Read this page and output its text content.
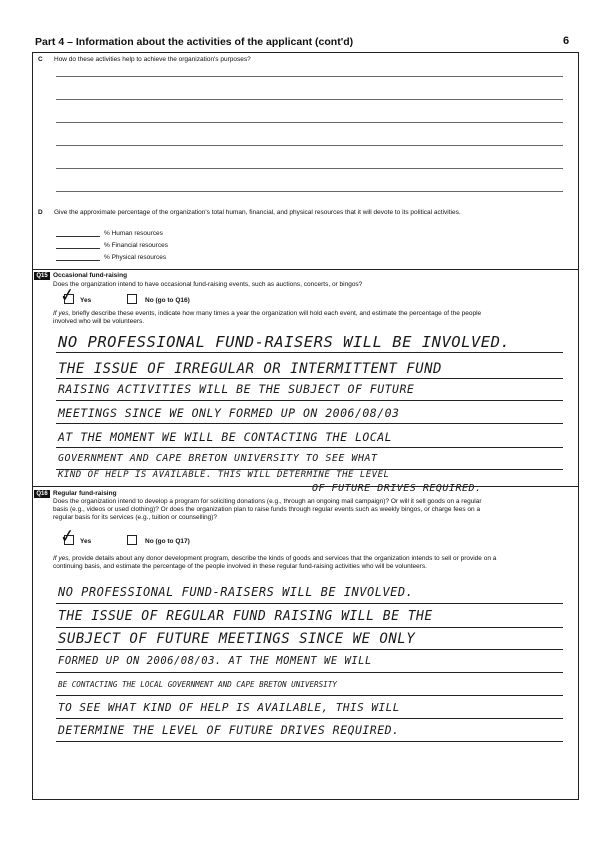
Part 4 – Information about the activities of the applicant (cont'd)	6
C How do these activities help to achieve the organization's purposes?
D Give the approximate percentage of the organization's total human, financial, and physical resources that it will devote to its political activities.
% Human resources
% Financial resources
% Physical resources
Q15 Occasional fund-raising
Does the organization intend to have occasional fund-raising events, such as auctions, concerts, or bingos?
✓ Yes	No (go to Q16)
If yes, briefly describe these events, indicate how many times a year the organization will hold each event, and estimate the percentage of the people
involved who will be volunteers.
NO PROFESSIONAL FUND-RAISERS WILL BE INVOLVED.
THE ISSUE OF IRREGULAR OR INTERMITTENT FUND
RAISING ACTIVITIES WILL BE THE SUBJECT OF FUTURE
MEETINGS SINCE WE ONLY FORMED UP ON 2006/08/03
AT THE MOMENT WE WILL BE CONTACTING THE LOCAL
GOVERNMENT AND CAPE BRETON UNIVERSITY TO SEE WHAT
KIND OF HELP IS AVAILABLE. THIS WILL DETERMINE THE LEVEL
OF FUTURE DRIVES REQUIRED.
Q16 Regular fund-raising
Does the organization intend to develop a program for soliciting donations (e.g., through an ongoing mail campaign)? Or will it sell goods on a regular
basis (e.g., videos or used clothing)? Or does the organization plan to raise funds through regular events such as weekly bingos, or charge fees on a
regular basis for its services (e.g., tuition or counselling)?
✓ Yes	No (go to Q17)
If yes, provide details about any donor development program, describe the kinds of goods and services that the organization intends to sell or provide on a
continuing basis, and estimate the percentage of the people involved in these regular fund-raising activities who will be volunteers.
NO PROFESSIONAL FUND-RAISERS WILL BE INVOLVED.
THE ISSUE OF REGULAR FUND RAISING WILL BE THE
SUBJECT OF FUTURE MEETINGS SINCE WE ONLY
FORMED UP ON 2006/08/03. AT THE MOMENT WE WILL
BE CONTACTING THE LOCAL GOVERNMENT AND CAPE BRETON UNIVERSITY
TO SEE WHAT KIND OF HELP IS AVAILABLE, THIS WILL
DETERMINE THE LEVEL OF FUTURE DRIVES REQUIRED.
